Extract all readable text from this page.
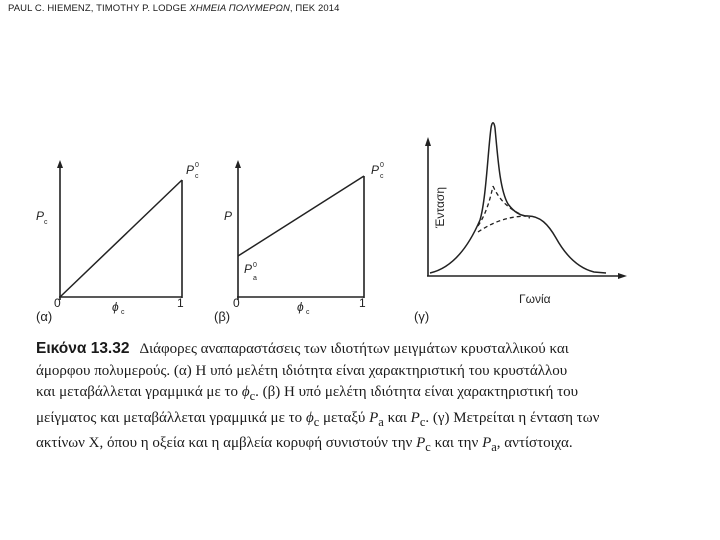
PAUL C. HIEMENZ, TIMOTHY P. LODGE ΧΗΜΕΙΑ ΠΟΛΥΜΕΡΩΝ, ΠΕΚ 2014
P c
P 0
c
0	1
ϕ c
(α)
P
P 0
a
P 0
c
0	1
ϕ c
(β)
Ένταση
Γωνία
(γ)
Εικόνα 13.32 Διάφορες αναπαραστάσεις των ιδιοτήτων μειγμάτων κρυσταλλικού και
άμορφου πολυμερούς. (α) Η υπό μελέτη ιδιότητα είναι χαρακτηριστική του κρυστάλλου
και μεταβάλλεται γραμμικά με το $\phi_c$. (β) Η υπό μελέτη ιδιότητα είναι χαρακτηριστική του
μείγματος και μεταβάλλεται γραμμικά με το $\phi_c$ μεταξύ $P_a$ και $P_c$. (γ) Μετρείται η ένταση των
ακτίνων Χ, όπου η οξεία και η αμβλεία κορυφή συνιστούν την $P_c$ και την $P_a$, αντίστοιχα.
